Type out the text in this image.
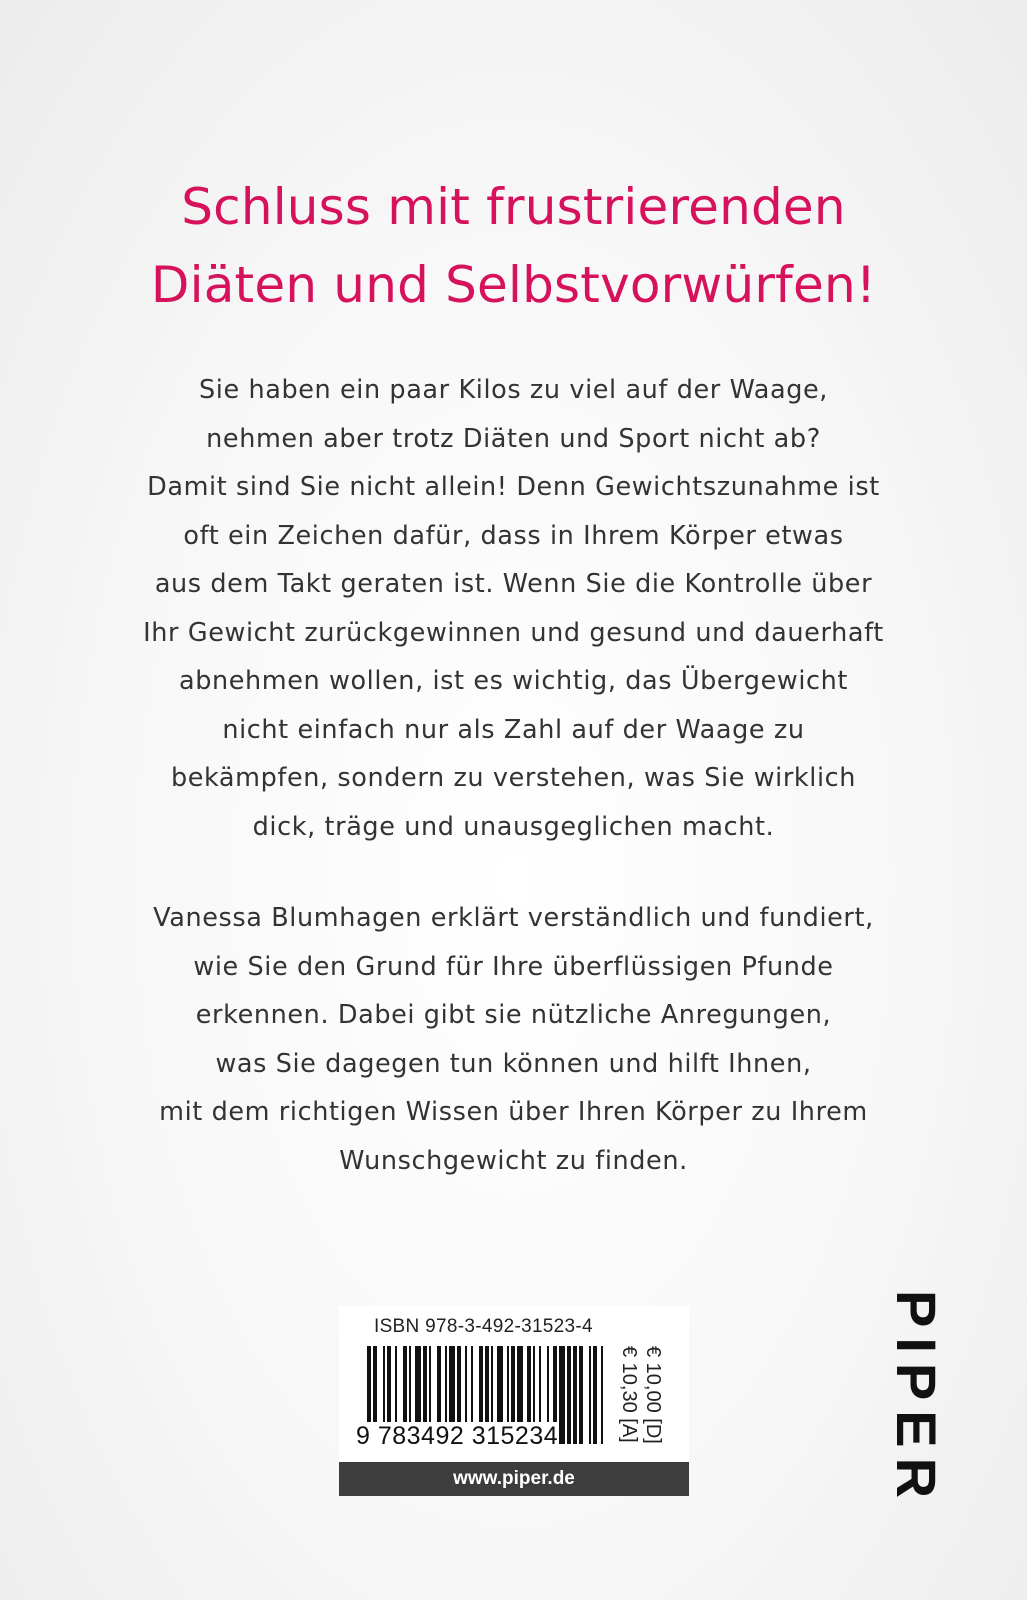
Schluss mit frustrierenden
Diäten und Selbstvorwürfen!
Sie haben ein paar Kilos zu viel auf der Waage,
nehmen aber trotz Diäten und Sport nicht ab?
Damit sind Sie nicht allein! Denn Gewichtszunahme ist
oft ein Zeichen dafür, dass in Ihrem Körper etwas
aus dem Takt geraten ist. Wenn Sie die Kontrolle über
Ihr Gewicht zurückgewinnen und gesund und dauerhaft
abnehmen wollen, ist es wichtig, das Übergewicht
nicht einfach nur als Zahl auf der Waage zu
bekämpfen, sondern zu verstehen, was Sie wirklich
dick, träge und unausgeglichen macht.
Vanessa Blumhagen erklärt verständlich und fundiert,
wie Sie den Grund für Ihre überflüssigen Pfunde
erkennen. Dabei gibt sie nützliche Anregungen,
was Sie dagegen tun können und hilft Ihnen,
mit dem richtigen Wissen über Ihren Körper zu Ihrem
Wunschgewicht zu finden.
ISBN 978-3-492-31523-4
9 783492 315234	€ 10,00 [D]
€ 10,30 [A]
www.piper.de	PIPER
